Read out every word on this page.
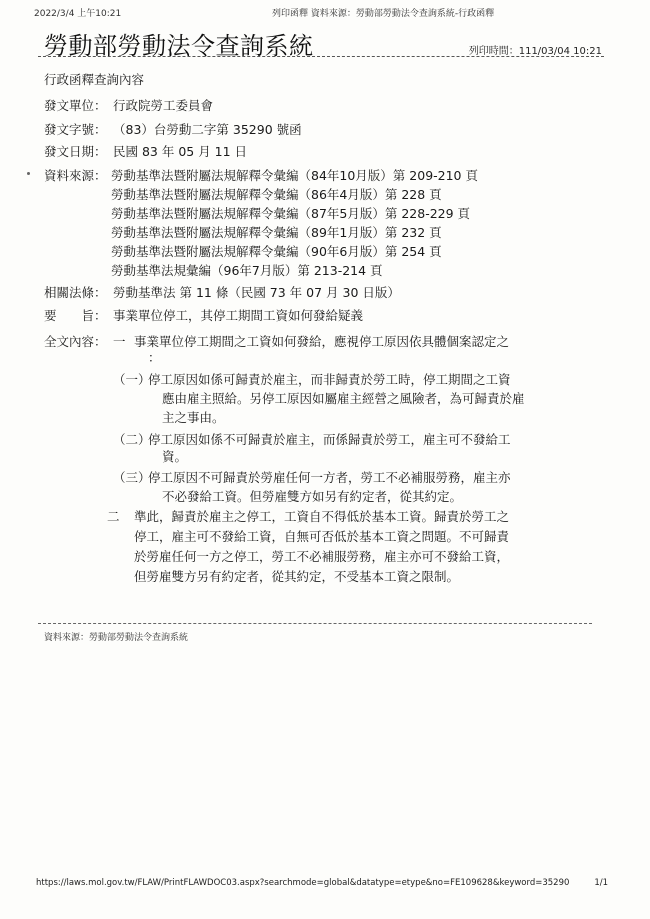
2022/3/4 上午10:21	列印函釋 資料來源：勞動部勞動法令查詢系統-行政函釋
勞動部勞動法令查詢系統	列印時間：111/03/04 10:21
行政函釋查詢內容
發文單位： 行政院勞工委員會
發文字號： （83）台勞動二字第 35290 號函
發文日期： 民國 83 年 05 月 11 日
資料來源： 勞動基準法暨附屬法規解釋令彙編（84年10月版）第 209-210 頁
勞動基準法暨附屬法規解釋令彙編（86年4月版）第 228 頁
勞動基準法暨附屬法規解釋令彙編（87年5月版）第 228-229 頁
勞動基準法暨附屬法規解釋令彙編（89年1月版）第 232 頁
勞動基準法暨附屬法規解釋令彙編（90年6月版）第 254 頁
勞動基準法規彙編（96年7月版）第 213-214 頁
相關法條： 勞動基準法 第 11 條（民國 73 年 07 月 30 日版）
要　　旨： 事業單位停工，其停工期間工資如何發給疑義
全文內容： 一 事業單位停工期間之工資如何發給，應視停工原因依具體個案認定之
：
（一）
停工原因如係可歸責於雇主，而非歸責於勞工時，停工期間之工資
應由雇主照給。另停工原因如屬雇主經營之風險者，為可歸責於雇
主之事由。
（二）
停工原因如係不可歸責於雇主，而係歸責於勞工，雇主可不發給工
資。
（三）
停工原因不可歸責於勞雇任何一方者，勞工不必補服勞務，雇主亦
不必發給工資。但勞雇雙方如另有約定者，從其約定。
二 準此，歸責於雇主之停工，工資自不得低於基本工資。歸責於勞工之
停工，雇主可不發給工資，自無可否低於基本工資之問題。不可歸責
於勞雇任何一方之停工，勞工不必補服勞務，雇主亦可不發給工資，
但勞雇雙方另有約定者，從其約定，不受基本工資之限制。
資料來源：勞動部勞動法令查詢系統
https://laws.mol.gov.tw/FLAW/PrintFLAWDOC03.aspx?searchmode=global&datatype=etype&no=FE109628&keyword=35290	1/1
